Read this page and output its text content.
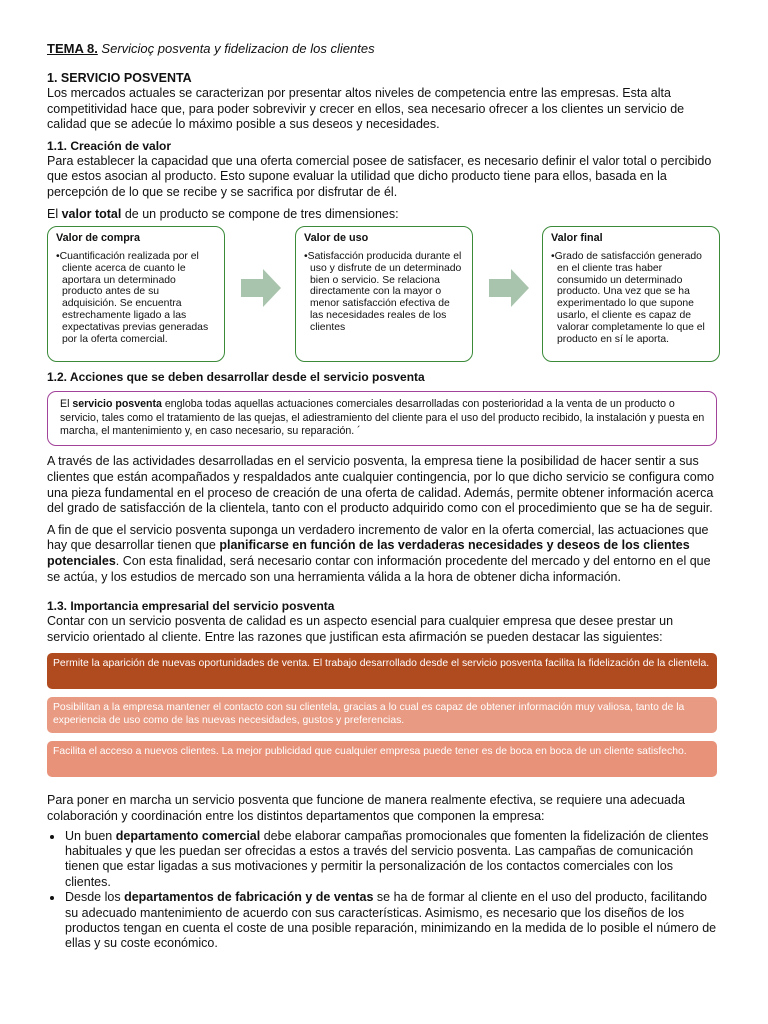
TEMA 8. Servicioç posventa y fidelizacion de los clientes

1. SERVICIO POSVENTA

Los mercados actuales se caracterizan por presentar altos niveles de competencia entre las empresas. Esta alta competitividad hace que, para poder sobrevivir y crecer en ellos, sea necesario ofrecer a los clientes un servicio de calidad que se adecúe lo máximo posible a sus deseos y necesidades.

1.1. Creación de valor

Para establecer la capacidad que una oferta comercial posee de satisfacer, es necesario definir el valor total o percibido que estos asocian al producto. Esto supone evaluar la utilidad que dicho producto tiene para ellos, basada en la percepción de lo que se recibe y se sacrifica por disfrutar de él.

El valor total de un producto se compone de tres dimensiones:

Valor de compra
•Cuantificación realizada por el cliente acerca de cuanto le aportara un determinado producto antes de su adquisición. Se encuentra estrechamente ligado a las expectativas previas generadas por la oferta comercial.
Valor de uso
•Satisfacción producida durante el uso y disfrute de un determinado bien o servicio. Se relaciona directamente con la mayor o menor satisfacción efectiva de las necesidades reales de los clientes
Valor final
•Grado de satisfacción generado en el cliente tras haber consumido un determinado producto. Una vez que se ha experimentado lo que supone usarlo, el cliente es capaz de valorar completamente lo que el producto en sí le aporta.
1.2. Acciones que se deben desarrollar desde el servicio posventa
El servicio posventa engloba todas aquellas actuaciones comerciales desarrolladas con posterioridad a la venta de un producto o servicio, tales como el tratamiento de las quejas, el adiestramiento del cliente para el uso del producto recibido, la instalación y puesta en marcha, el mantenimiento y, en caso necesario, su reparación. ´

A través de las actividades desarrolladas en el servicio posventa, la empresa tiene la posibilidad de hacer sentir a sus clientes que están acompañados y respaldados ante cualquier contingencia, por lo que dicho servicio se configura como una pieza fundamental en el proceso de creación de una oferta de calidad. Además, permite obtener información acerca del grado de satisfacción de la clientela, tanto con el producto adquirido como con el procedimiento que se ha de seguir.

A fin de que el servicio posventa suponga un verdadero incremento de valor en la oferta comercial, las actuaciones que hay que desarrollar tienen que planificarse en función de las verdaderas necesidades y deseos de los clientes potenciales. Con esta finalidad, será necesario contar con información procedente del mercado y del entorno en el que se actúa, y los estudios de mercado son una herramienta válida a la hora de obtener dicha información.

1.3. Importancia empresarial del servicio posventa

Contar con un servicio posventa de calidad es un aspecto esencial para cualquier empresa que desee prestar un servicio orientado al cliente. Entre las razones que justifican esta afirmación se pueden destacar las siguientes:

Permite la aparición de nuevas oportunidades de venta. El trabajo desarrollado desde el servicio posventa facilita la fidelización de la clientela.
Posibilitan a la empresa mantener el contacto con su clientela, gracias a lo cual es capaz de obtener información muy valiosa, tanto de la experiencia de uso como de las nuevas necesidades, gustos y preferencias.
Facilita el acceso a nuevos clientes. La mejor publicidad que cualquier empresa puede tener es de boca en boca de un cliente satisfecho.

Para poner en marcha un servicio posventa que funcione de manera realmente efectiva, se requiere una adecuada colaboración y coordinación entre los distintos departamentos que componen la empresa:

• Un buen departamento comercial debe elaborar campañas promocionales que fomenten la fidelización de clientes habituales y que les puedan ser ofrecidas a estos a través del servicio posventa. Las campañas de comunicación tienen que estar ligadas a sus motivaciones y permitir la personalización de los contactos comerciales con los clientes.
• Desde los departamentos de fabricación y de ventas se ha de formar al cliente en el uso del producto, facilitando su adecuado mantenimiento de acuerdo con sus características. Asimismo, es necesario que los diseños de los productos tengan en cuenta el coste de una posible reparación, minimizando en la medida de lo posible el número de ellas y su coste económico.
